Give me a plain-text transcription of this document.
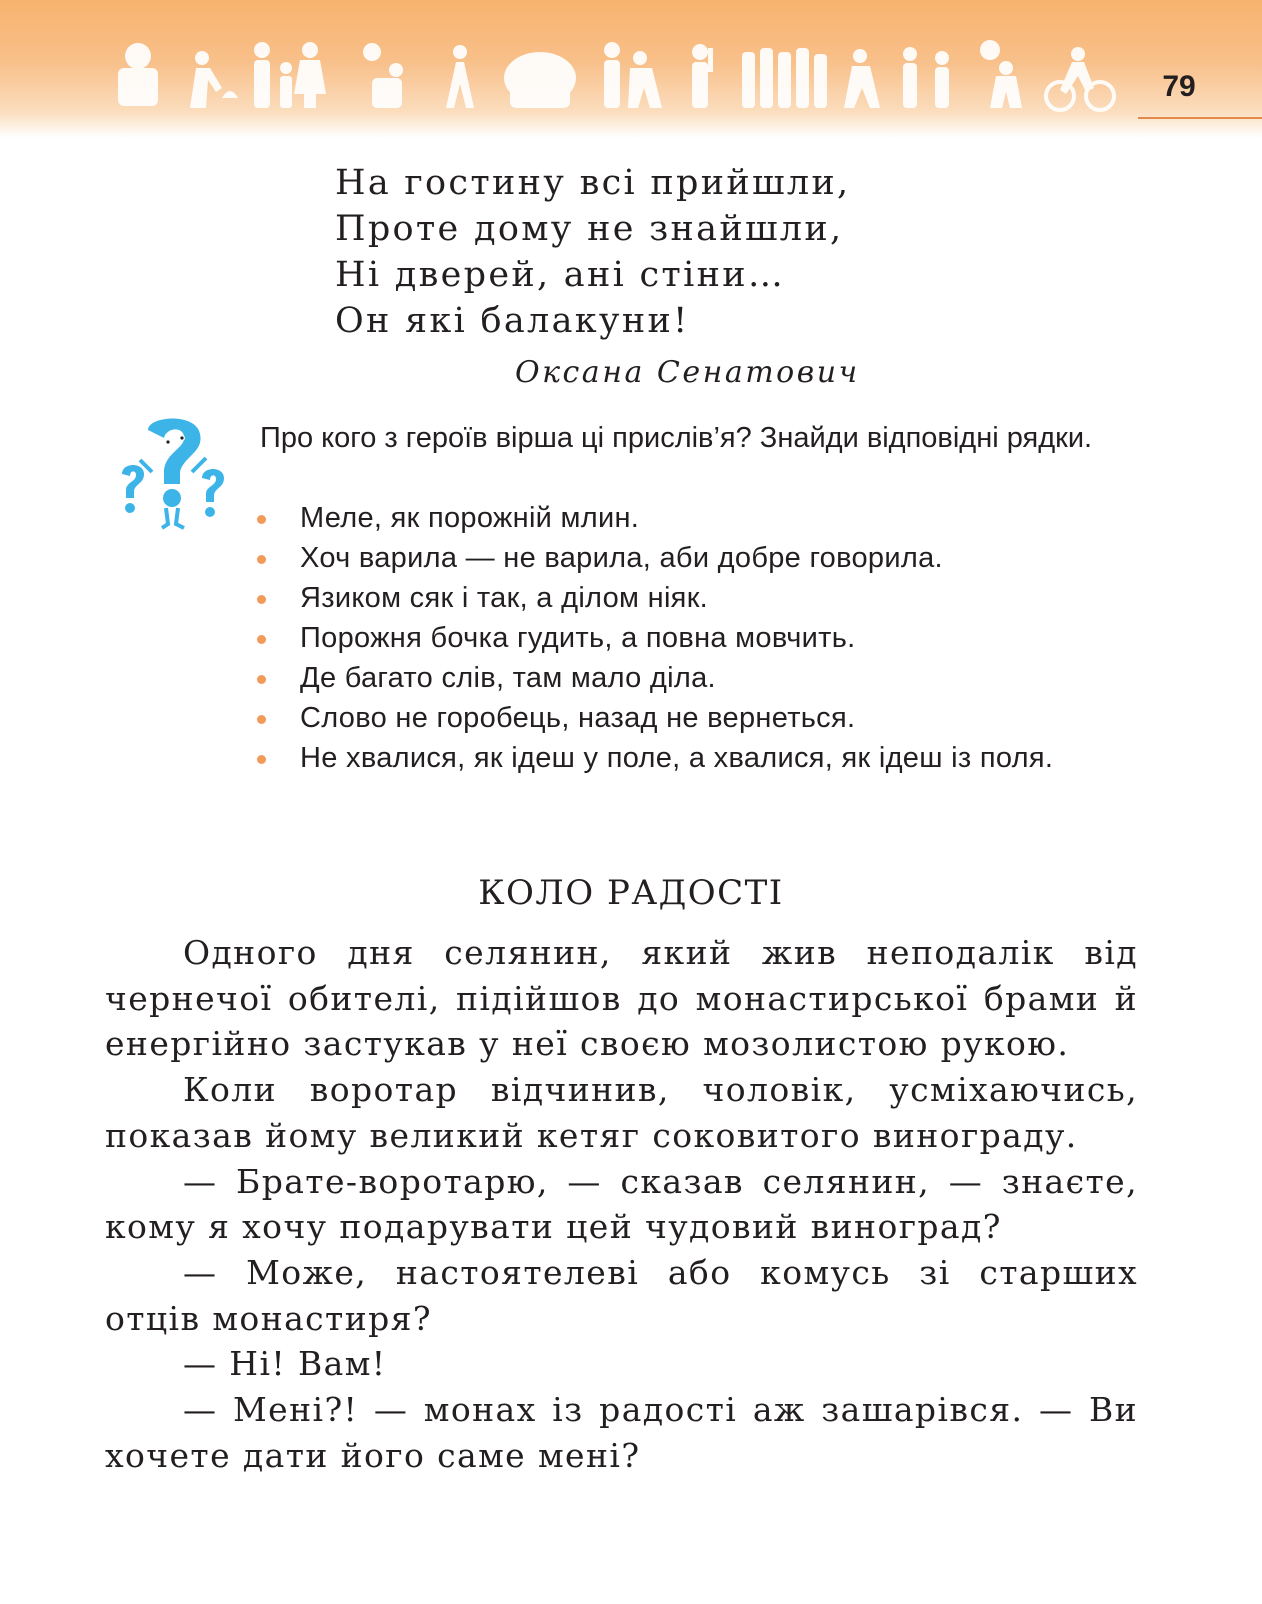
79
На гостину всі прийшли,
Проте дому не знайшли,
Ні дверей, ані стіни…
Он які балакуни!
Оксана Сенатович
Про кого з героїв вірша ці прислів’я? Знайди відповідні рядки.
Меле, як порожній млин.
Хоч варила — не варила, аби добре говорила.
Язиком сяк і так, а ділом ніяк.
Порожня бочка гудить, а повна мовчить.
Де багато слів, там мало діла.
Слово не горобець, назад не вернеться.
Не хвалися, як ідеш у поле, а хвалися, як ідеш із поля.
КОЛО РАДОСТІ

Одного дня селянин, який жив неподалік від чернечої обителі, підійшов до монастирської брами й енергійно застукав у неї своєю мозолистою рукою.

Коли воротар відчинив, чоловік, усміхаючись, показав йому великий кетяг соковитого винограду.

— Брате-воротарю, — сказав селянин, — знаєте, кому я хочу подарувати цей чудовий виноград?

— Може, настоятелеві або комусь зі старших отців монастиря?

— Ні! Вам!

— Мені?! — монах із радості аж зашарівся. — Ви хочете дати його саме мені?
